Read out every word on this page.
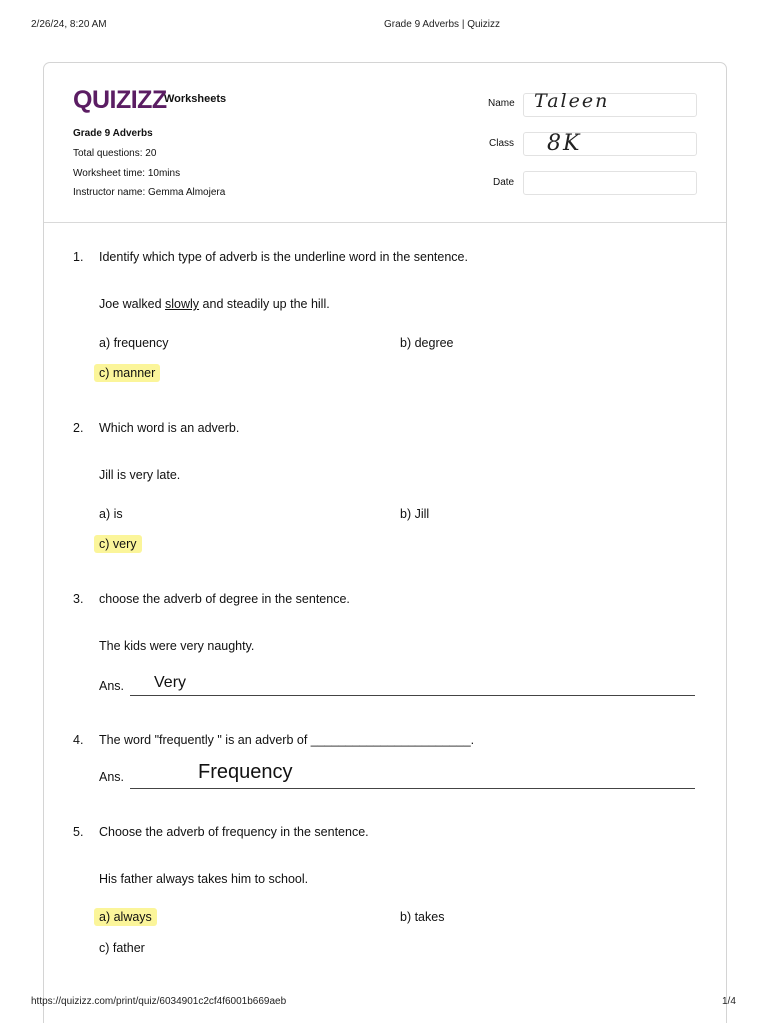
2/26/24, 8:20 AM	Grade 9 Adverbs | Quizizz
QUIZIZZ
Worksheets
Grade 9 Adverbs
Total questions: 20
Worksheet time: 10mins
Instructor name: Gemma Almojera
Name Taleen
Class 8K
Date
1. Identify which type of adverb is the underline word in the sentence.
Joe walked slowly and steadily up the hill.
a) frequency	b) degree
c) manner
2. Which word is an adverb.
Jill is very late.
a) is	b) Jill
c) very
3. choose the adverb of degree in the sentence.
The kids were very naughty.
Ans. Very
4. The word "frequently " is an adverb of _______________________.
Ans.	Frequency
5. Choose the adverb of frequency in the sentence.
His father always takes him to school.
a) always	b) takes
c) father
https://quizizz.com/print/quiz/6034901c2cf4f6001b669aeb	1/4
